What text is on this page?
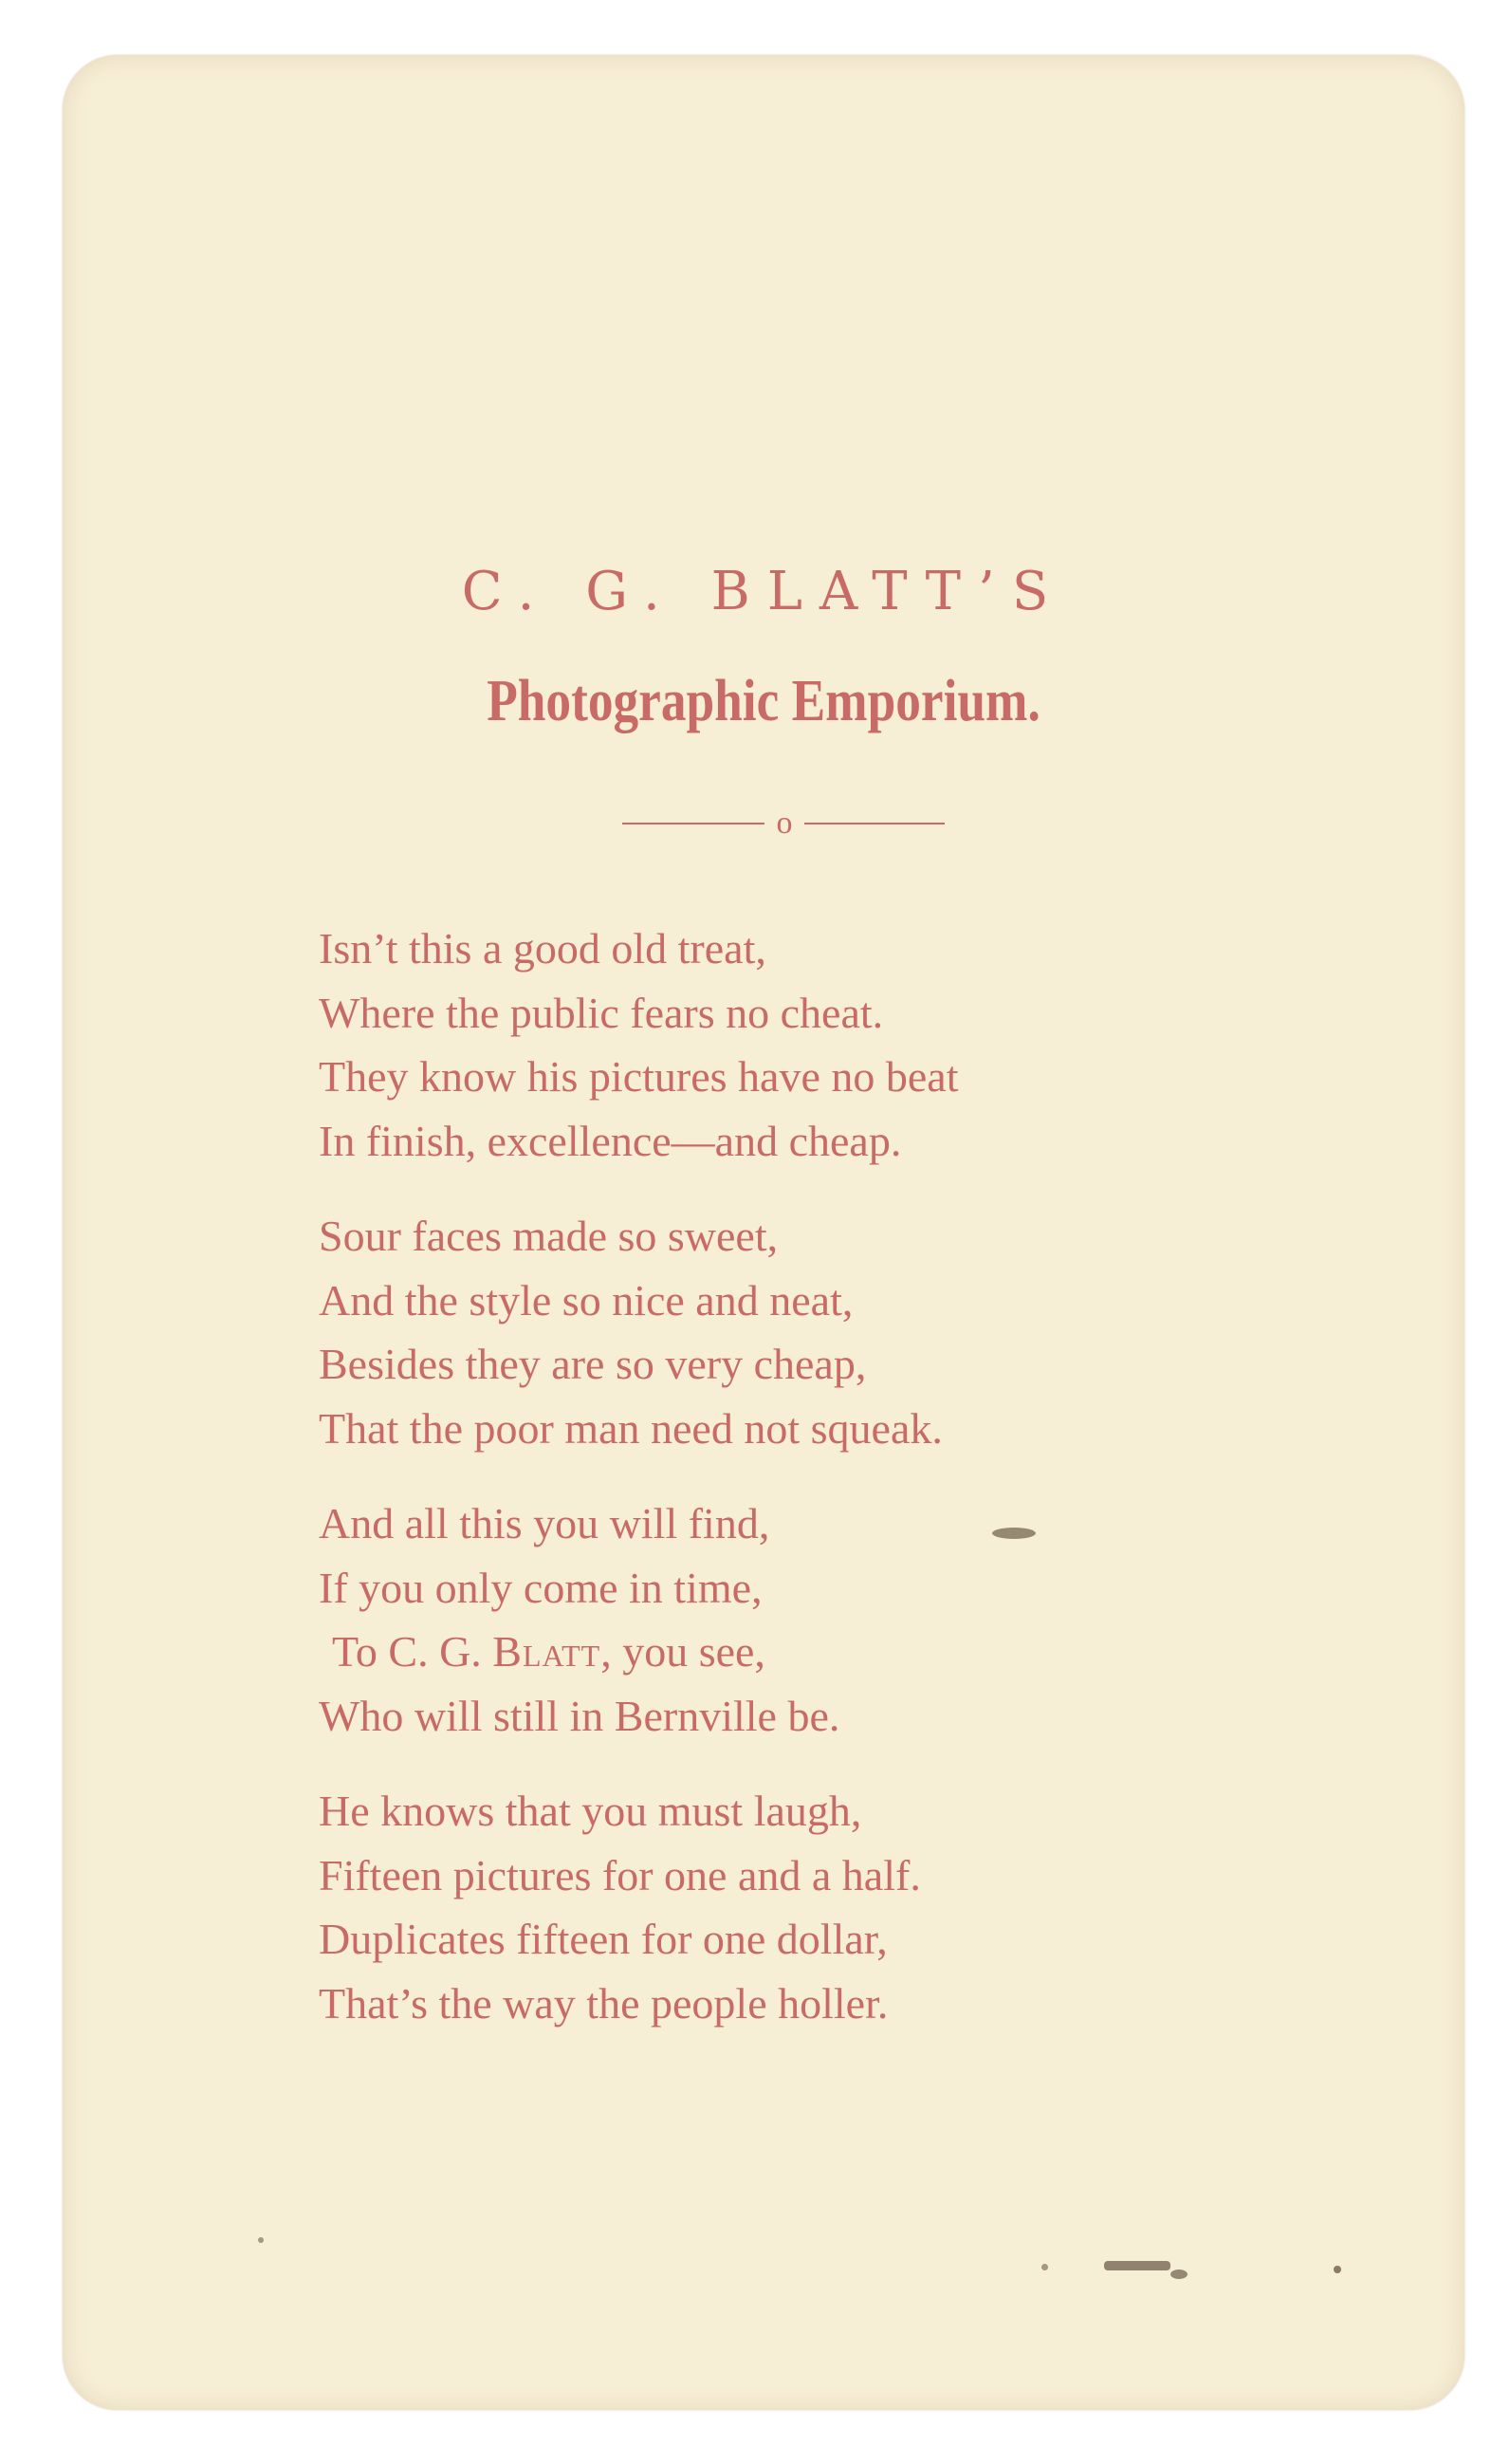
C. G. BLATT’S
Photographic Emporium.
o
Isn’t this a good old treat,
Where the public fears no cheat.
They know his pictures have no beat
In finish, excellence—and cheap.
Sour faces made so sweet,
And the style so nice and neat,
Besides they are so very cheap,
That the poor man need not squeak.
And all this you will find,
If you only come in time,
To C. G. Blatt, you see,
Who will still in Bernville be.
He knows that you must laugh,
Fifteen pictures for one and a half.
Duplicates fifteen for one dollar,
That’s the way the people holler.
